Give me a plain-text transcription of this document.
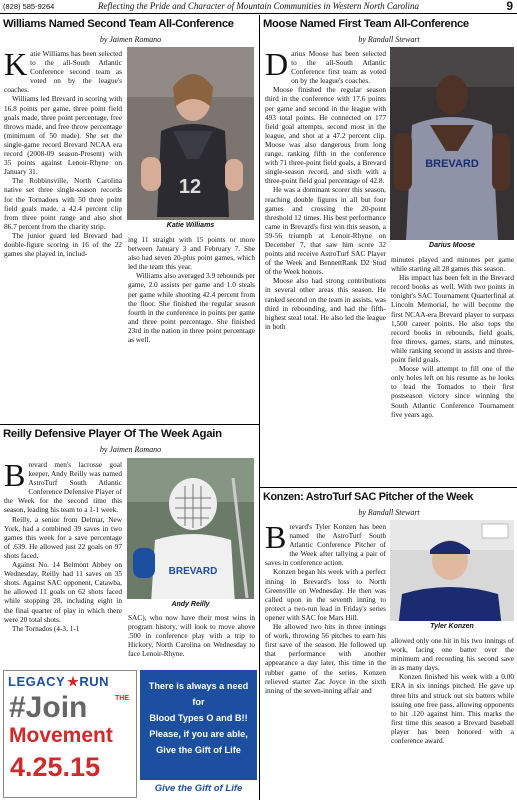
(828) 585-9264	Reflecting the Pride and Character of Mountain Communities in Western North Carolina	9
Williams Named Second Team All-Conference
by Jaimen Romano

Katie Williams has been selected to the all-South Atlantic Conference second team as voted on by the league's coaches.

Williams led Brevard in scoring with 16.8 points per game, three point field goals made, three point percentage, free throws made, and free throw percentage (minimum of 50 made). She set the single-game record Brevard NCAA era record (2008-09 season-Present) with 35 points against Lenoir-Rhyne on January 31.

The Robbinsville, North Carolina native set three single-season records for the Tornadoes with 50 three point field goals made, a 42.4 percent clip from three point range and also shot 86.7 percent from the charity strip.

The junior guard led Brevard had double-figure scoring in 16 of the 22 games she played in, includ-

12
Katie Williams

ing 11 straight with 15 points or more between January 3 and February 7. She also had seven 20-plus point games, which led the team this year.

Williams also averaged 3.9 rebounds per game, 2.0 assists per game and 1.0 steals per game while shooting 42.4 percent from the floor. She finished the regular season fourth in the conference in points per game and three point percentage. She finished 23rd in the nation in three point percentage as well.

Moose Named First Team All-Conference
by Randall Stewart

Darius Moose has been selected to the all-South Atlantic Conference first team as voted on by the league's coaches.

Moose finished the regular season third in the conference with 17.6 points per game and second in the league with 493 total points. He connected on 177 field goal attempts, second most in the league, and shot at a 47.2 percent clip. Moose was also dangerous from long range, ranking fifth in the conference with 71 three-point field goals, a Brevard single-season record, and sixth with a three-point field goal percentage of 42.8.

He was a dominant scorer this season, reaching double figures in all but four games and crossing the 20-point threshold 12 times. His best performance came in Brevard's first win this season, a 59-56 triumph at Lenoir-Rhyne on December 7, that saw him score 32 points and receive AstroTurf SAC Player of the Week and BennettRank D2 Stud of the Week honors.

Moose also had strong contributions in several other areas this season. He ranked second on the team in assists, was third in rebounding, and had the fifth-highest steal total. He also led the league in both

BREVARD
Darius Moose

minutes played and minutes per game while starting all 28 games this season.

His impact has been felt in the Brevard record books as well. With two points in tonight's SAC Tournament Quarterfinal at Lincoln Memorial, he will become the first NCAA-era Brevard player to surpass 1,500 career points. He also tops the record books in rebounds, field goals, free throws, games, starts, and minutes, while ranking second in assists and three-point field goals.

Moose will attempt to fill one of the only holes left on his resume as he looks to lead the Tornados to their first postseason victory since winning the South Atlantic Conference Tournament five years ago.

Reilly Defensive Player Of The Week Again
by Jaimen Romano

Brevard men's lacrosse goal keeper, Andy Reilly was named AstroTurf South Atlantic Conference Defensive Player of the Week for the second time this season, leading his team to a 1-1 week.

Reilly, a senior from Delmar, New York, had a combined 39 saves in two games this week for a save percentage of .639. He allowed just 22 goals on 97 shots faced.

Against No. 14 Belmont Abbey on Wednesday, Reilly had 11 saves on 35 shots. Against SAC opponent, Catawba, he allowed 11 goals on 62 shots faced while stopping 28, including eight in the final quarter of play in which there were 20 total shots.

The Tornados (4-3, 1-1

BREVARD
Andy Reilly

SAC), who now have their most wins in program history, will look to move above .500 in conference play with a trip to Hickory, North Carolina on Wednesday to face Lenoir-Rhyne.

LEGACY ★RUN
#Join	THE
Movement
4.25.15
There is always a need for
Blood Types O and B!!
Please, if you are able,
Give the Gift of Life
Give the Gift of Life
Konzen: AstroTurf SAC Pitcher of the Week
by Randall Stewart

Brevard's Tyler Konzen has been named the AstroTurf South Atlantic Conference Pitcher of the Week after tallying a pair of saves in conference action.

Konzen began his week with a perfect inning in Brevard's loss to North Greenville on Wednesday. He then was called upon in the seventh inning to protect a two-run lead in Friday's series opener with SAC foe Mars Hill.

He allowed two hits in three innings of work, throwing 56 pitches to earn his first save of the season. He followed up that performance with another appearance a day later, this time in the rubber game of the series. Konzen relieved starter Zac Joyce in the sixth inning of the seven-inning affair and

Tyler Konzen

allowed only one hit in his two innings of work, facing one batter over the minimum and recording his second save in as many days.

Konzen finished his week with a 0.00 ERA in six innings pitched. He gave up three hits and struck out six batters while issuing one free pass, allowing opponents to hit .120 against him. This marks the first time this season a Brevard baseball player has been honored with a conference award.
